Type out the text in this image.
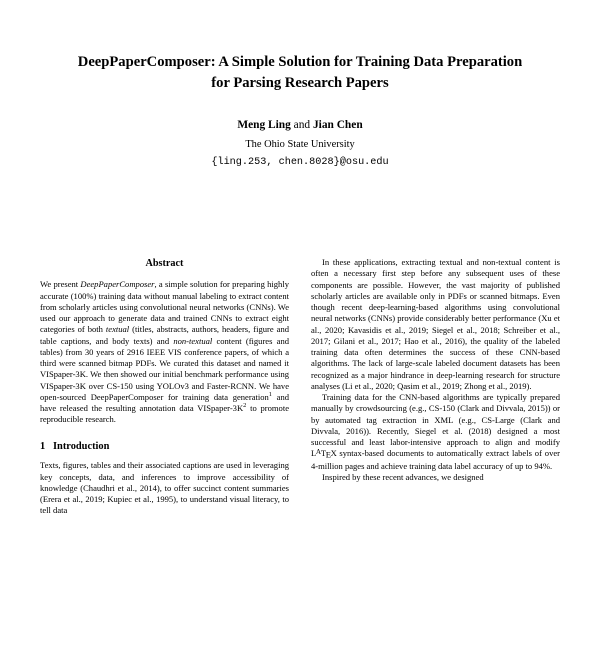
DeepPaperComposer: A Simple Solution for Training Data Preparation
for Parsing Research Papers
Meng Ling and Jian Chen
The Ohio State University
{ling.253, chen.8028}@osu.edu
Abstract

We present DeepPaperComposer, a simple solution for preparing highly accurate (100%) training data without manual labeling to extract content from scholarly articles using convolutional neural networks (CNNs). We used our approach to generate data and trained CNNs to extract eight categories of both textual (titles, abstracts, authors, headers, figure and table captions, and body texts) and non-textual content (figures and tables) from 30 years of 2916 IEEE VIS conference papers, of which a third were scanned bitmap PDFs. We curated this dataset and named it VISpaper-3K. We then showed our initial benchmark performance using VISpaper-3K over CS-150 using YOLOv3 and Faster-RCNN. We have open-sourced DeepPaperComposer for training data generation$^1$ and have released the resulting annotation data VISpaper-$3K^2$ to promote reproducible research.

1 Introduction

Texts, figures, tables and their associated captions are used in leveraging key concepts, data, and inferences to improve accessibility of knowledge (Chaudhri et al., 2014), to offer succinct content summaries (Erera et al., 2019; Kupiec et al., 1995), to understand visual literacy, to tell data

In these applications, extracting textual and non-textual content is often a necessary first step before any subsequent uses of these components are possible. However, the vast majority of published scholarly articles are available only in PDFs or scanned bitmaps. Even though recent deep-learning-based algorithms using convolutional neural networks (CNNs) provide considerably better performance (Xu et al., 2020; Kavasidis et al., 2019; Siegel et al., 2018; Schreiber et al., 2017; Gilani et al., 2017; Hao et al., 2016), the quality of the labeled training data often determines the success of these CNN-based algorithms. The lack of large-scale labeled document datasets has been recognized as a major hindrance in deep-learning research for structure analyses (Li et al., 2020; Qasim et al., 2019; Zhong et al., 2019).

Training data for the CNN-based algorithms are typically prepared manually by crowdsourcing (e.g., CS-150 (Clark and Divvala, 2015)) or by automated tag extraction in XML (e.g., CS-Large (Clark and Divvala, 2016)). Recently, Siegel et al. (2018) designed a most successful and least labor-intensive approach to align and modify $L^ATEX$ syntax-based documents to automatically extract labels of over 4-million pages and achieve training data label accuracy of up to 94%.

Inspired by these recent advances, we designed
